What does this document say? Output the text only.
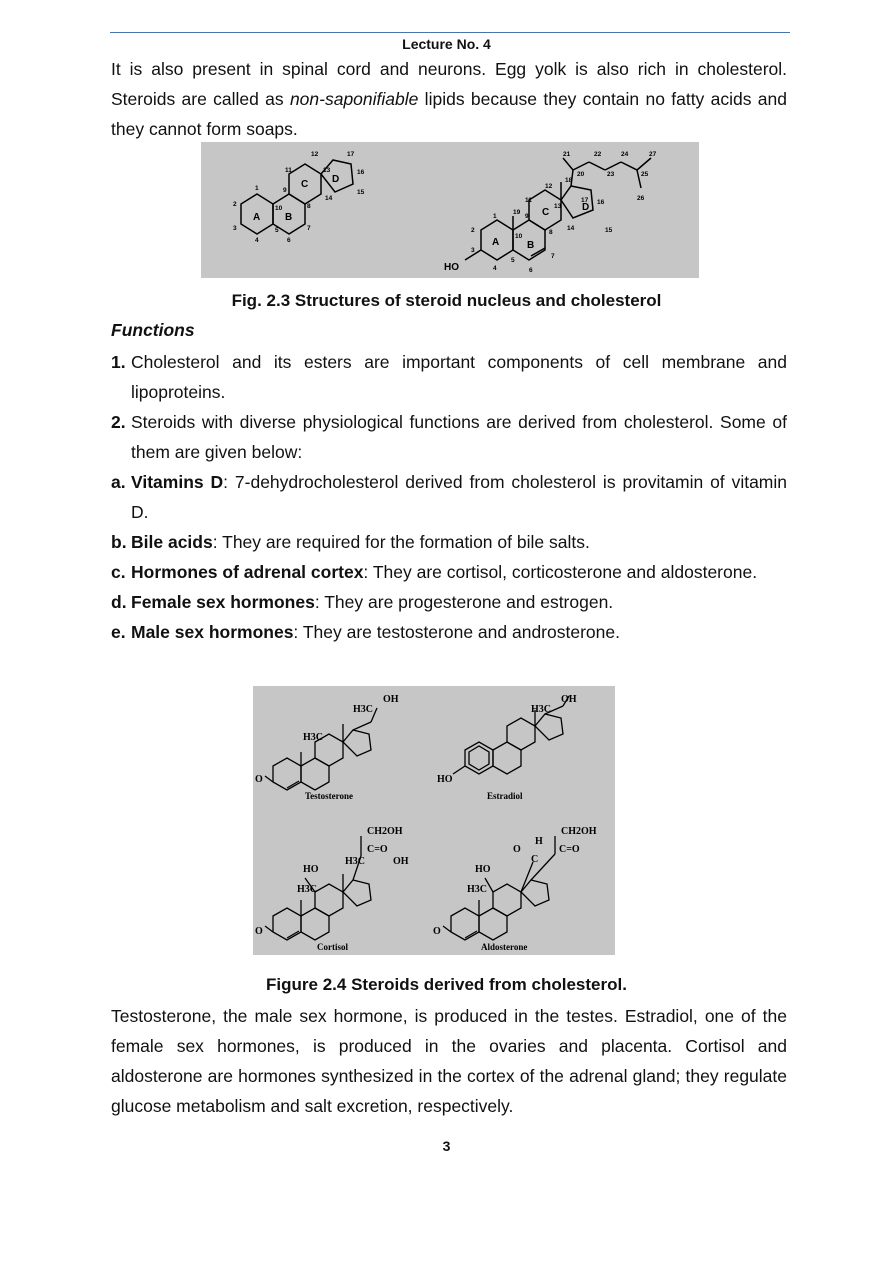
Lecture No. 4

It is also present in spinal cord and neurons. Egg yolk is also rich in cholesterol. Steroids are called as non-saponifiable lipids because they contain no fatty acids and they cannot form soaps.

A B
C D
1
2
3
4
5
6
7
8
9
10
11
12
13
14
15
16
17
HO
A	B
C	D
1
2
3
4
5
6
7
8
9
10
11
12
13
14	15
16
17
18
19
20
21	22
23
24
25
26
27
Fig. 2.3 Structures of steroid nucleus and cholesterol
Functions
1. Cholesterol and its esters are important components of cell membrane and lipoproteins.
2. Steroids with diverse physiological functions are derived from cholesterol. Some of them are given below:
a. Vitamins D: 7-dehydrocholesterol derived from cholesterol is provitamin of vitamin D.
b. Bile acids: They are required for the formation of bile salts.
c. Hormones of adrenal cortex: They are cortisol, corticosterone and aldosterone.
d. Female sex hormones: They are progesterone and estrogen.
e. Male sex hormones: They are testosterone and androsterone.
OH
H3C
H3C
O
Testosterone
OH
H3C
HO
Estradiol
CH2OH
C=O
OH
H3C
HO
H3C
O
Cortisol
CH2OH
C=O
H
O
C
HO
H3C
O
Aldosterone
Figure 2.4 Steroids derived from cholesterol.

Testosterone, the male sex hormone, is produced in the testes. Estradiol, one of the female sex hormones, is produced in the ovaries and placenta. Cortisol and aldosterone are hormones synthesized in the cortex of the adrenal gland; they regulate glucose metabolism and salt excretion, respectively.

3
